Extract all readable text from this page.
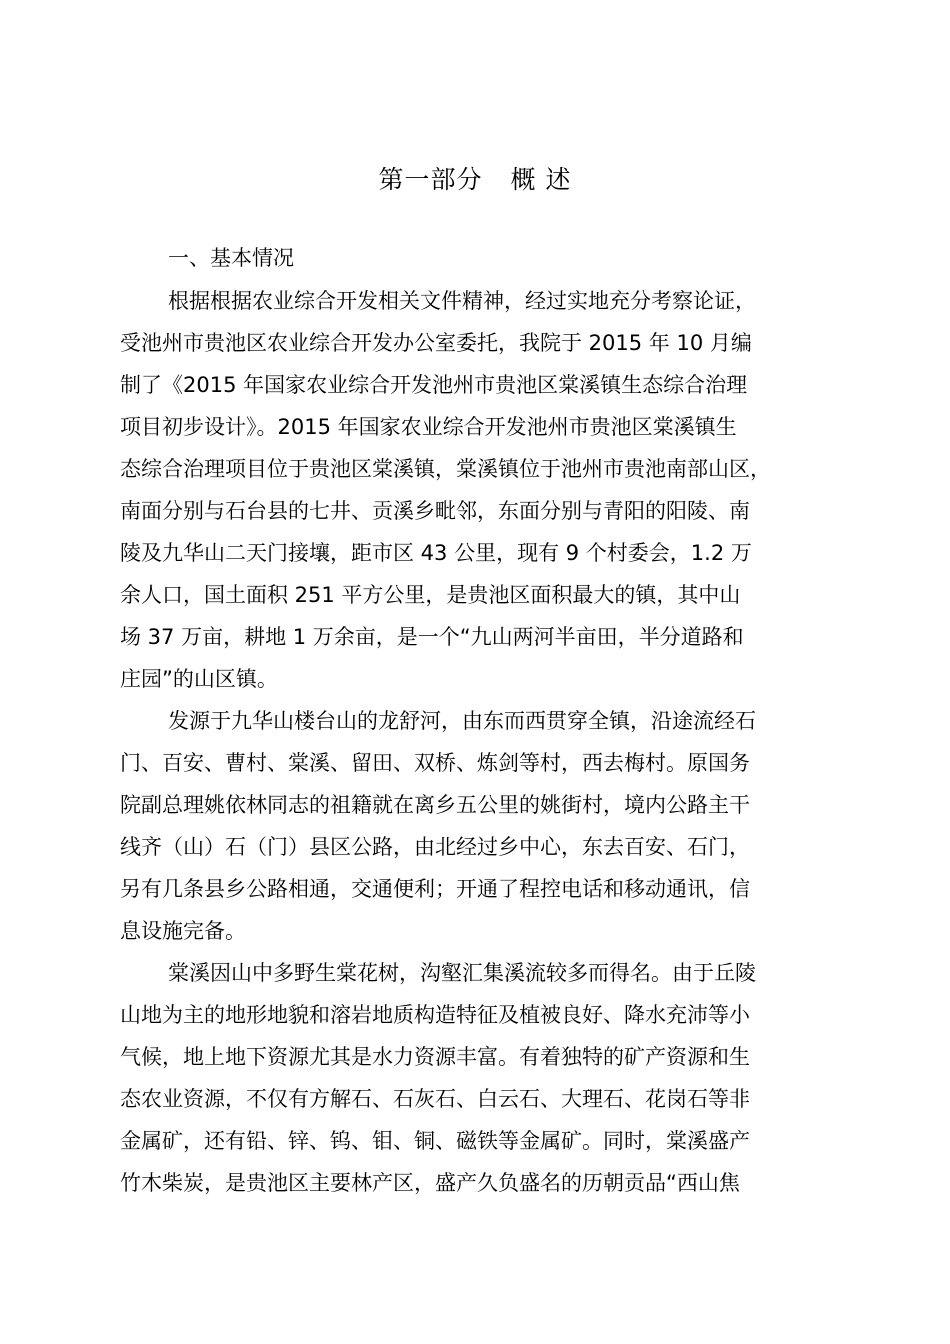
第一部分 概 述
一、基本情况
根据根据农业综合开发相关文件精神，经过实地充分考察论证，
受池州市贵池区农业综合开发办公室委托，我院于 2015 年 10 月编
制了《2015 年国家农业综合开发池州市贵池区棠溪镇生态综合治理
项目初步设计》。2015 年国家农业综合开发池州市贵池区棠溪镇生
态综合治理项目位于贵池区棠溪镇，棠溪镇位于池州市贵池南部山区，
南面分别与石台县的七井、贡溪乡毗邻，东面分别与青阳的阳陵、南
陵及九华山二天门接壤，距市区 43 公里，现有 9 个村委会，1.2 万
余人口，国土面积 251 平方公里，是贵池区面积最大的镇，其中山
场 37 万亩，耕地 1 万余亩，是一个“九山两河半亩田，半分道路和
庄园”的山区镇。
发源于九华山楼台山的龙舒河，由东而西贯穿全镇，沿途流经石
门、百安、曹村、棠溪、留田、双桥、炼剑等村，西去梅村。原国务
院副总理姚依林同志的祖籍就在离乡五公里的姚街村，境内公路主干
线齐（山）石（门）县区公路，由北经过乡中心，东去百安、石门，
另有几条县乡公路相通，交通便利；开通了程控电话和移动通讯，信
息设施完备。
棠溪因山中多野生棠花树，沟壑汇集溪流较多而得名。由于丘陵
山地为主的地形地貌和溶岩地质构造特征及植被良好、降水充沛等小
气候，地上地下资源尤其是水力资源丰富。有着独特的矿产资源和生
态农业资源，不仅有方解石、石灰石、白云石、大理石、花岗石等非
金属矿，还有铅、锌、钨、钼、铜、磁铁等金属矿。同时，棠溪盛产
竹木柴炭，是贵池区主要林产区，盛产久负盛名的历朝贡品“西山焦
